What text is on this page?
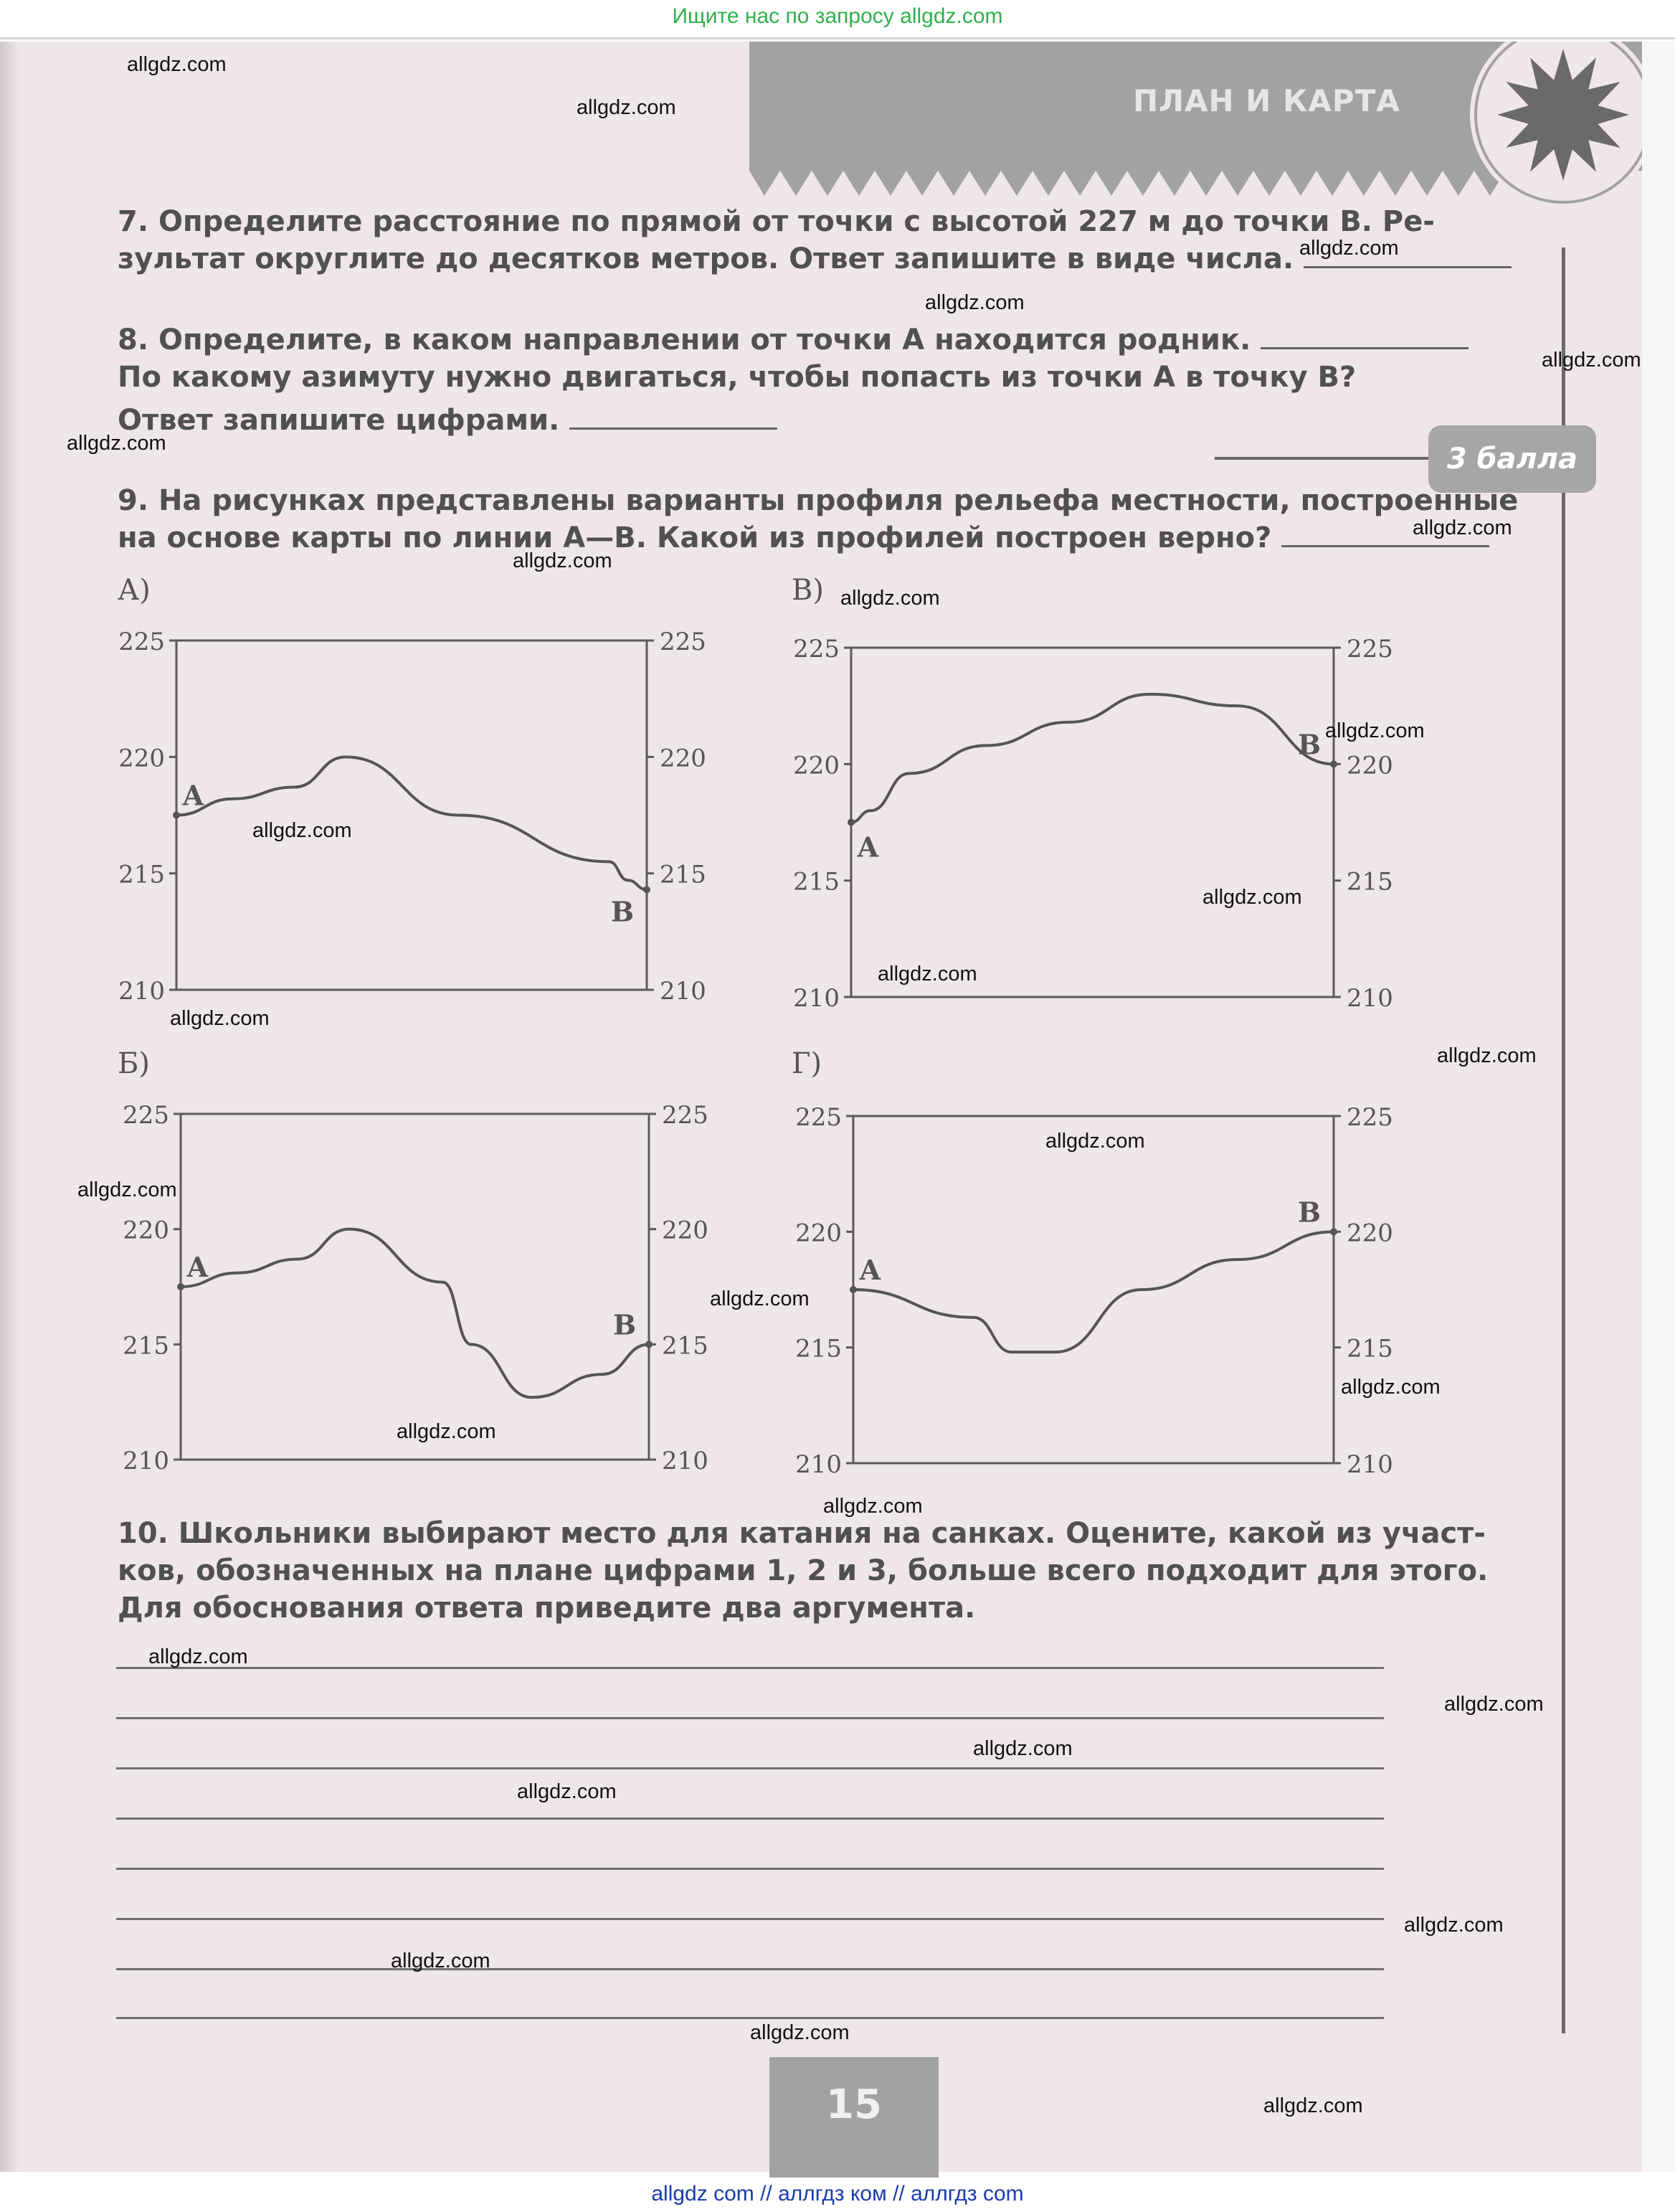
Ищите нас по запросу allgdz.com
ПЛАН И КАРТА

7. Определите расстояние по прямой от точки с высотой 227 м до точки В. Ре-

зультат округлите до десятков метров. Ответ запишите в виде числа.

8. Определите, в каком направлении от точки А находится родник.

По какому азимуту нужно двигаться, чтобы попасть из точки А в точку В?

Ответ запишите цифрами.

3 балла

9. На рисунках представлены варианты профиля рельефа местности, построенные

на основе карты по линии А—В. Какой из профилей построен верно?

А)	В)
Б)	Г)
225	225
220	220
215	215
210	210
А
В
225	225
220	220
215	215
210	210
А
В
225	225
220	220
215	215
210	210
А
В
225	225
220	220
215	215
210	210
А
В

10. Школьники выбирают место для катания на санках. Оцените, какой из участ-

ков, обозначенных на плане цифрами 1, 2 и 3, больше всего подходит для этого.

Для обоснования ответа приведите два аргумента.

15
allgdz.com
allgdz.com
allgdz.com
allgdz.com
allgdz.com
allgdz.com
allgdz.com
allgdz.com
allgdz.com
allgdz.com
allgdz.com
allgdz.com
allgdz.com
allgdz.com
allgdz.com
allgdz.com
allgdz.com
allgdz.com
allgdz.com
allgdz.com
allgdz.com
allgdz.com
allgdz.com
allgdz.com
allgdz.com
allgdz.com
allgdz.com
allgdz.com
allgdz.com
allgdz com // аллгдз ком // аллгдз com
